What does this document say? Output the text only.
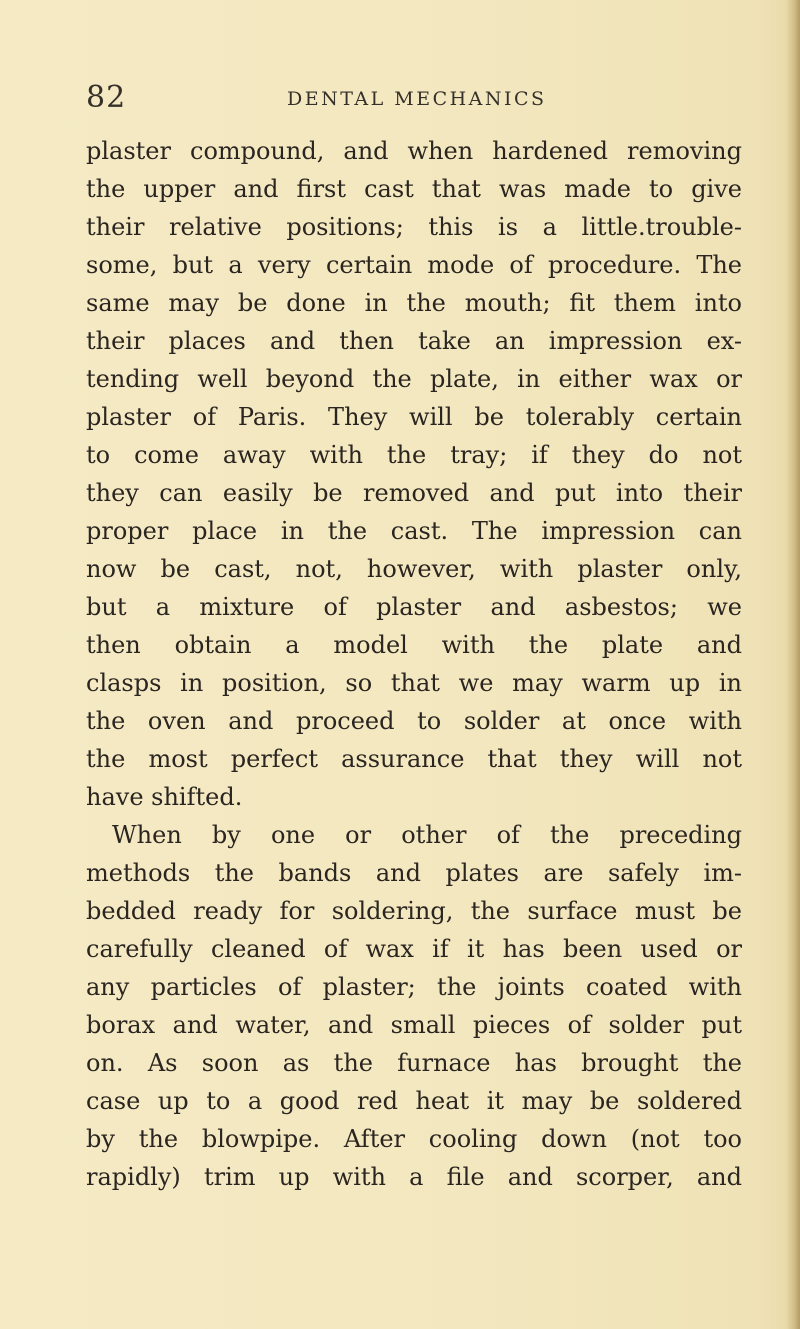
82	DENTAL MECHANICS
plaster compound, and when hardened removing
the upper and first cast that was made to give
their relative positions; this is a little.trouble-
some, but a very certain mode of procedure. The
same may be done in the mouth; fit them into
their places and then take an impression ex-
tending well beyond the plate, in either wax or
plaster of Paris. They will be tolerably certain
to come away with the tray; if they do not
they can easily be removed and put into their
proper place in the cast. The impression can
now be cast, not, however, with plaster only,
but a mixture of plaster and asbestos; we
then obtain a model with the plate and
clasps in position, so that we may warm up in
the oven and proceed to solder at once with
the most perfect assurance that they will not
have shifted.
When by one or other of the preceding
methods the bands and plates are safely im-
bedded ready for soldering, the surface must be
carefully cleaned of wax if it has been used or
any particles of plaster; the joints coated with
borax and water, and small pieces of solder put
on. As soon as the furnace has brought the
case up to a good red heat it may be soldered
by the blowpipe. After cooling down (not too
rapidly) trim up with a file and scorper, and
